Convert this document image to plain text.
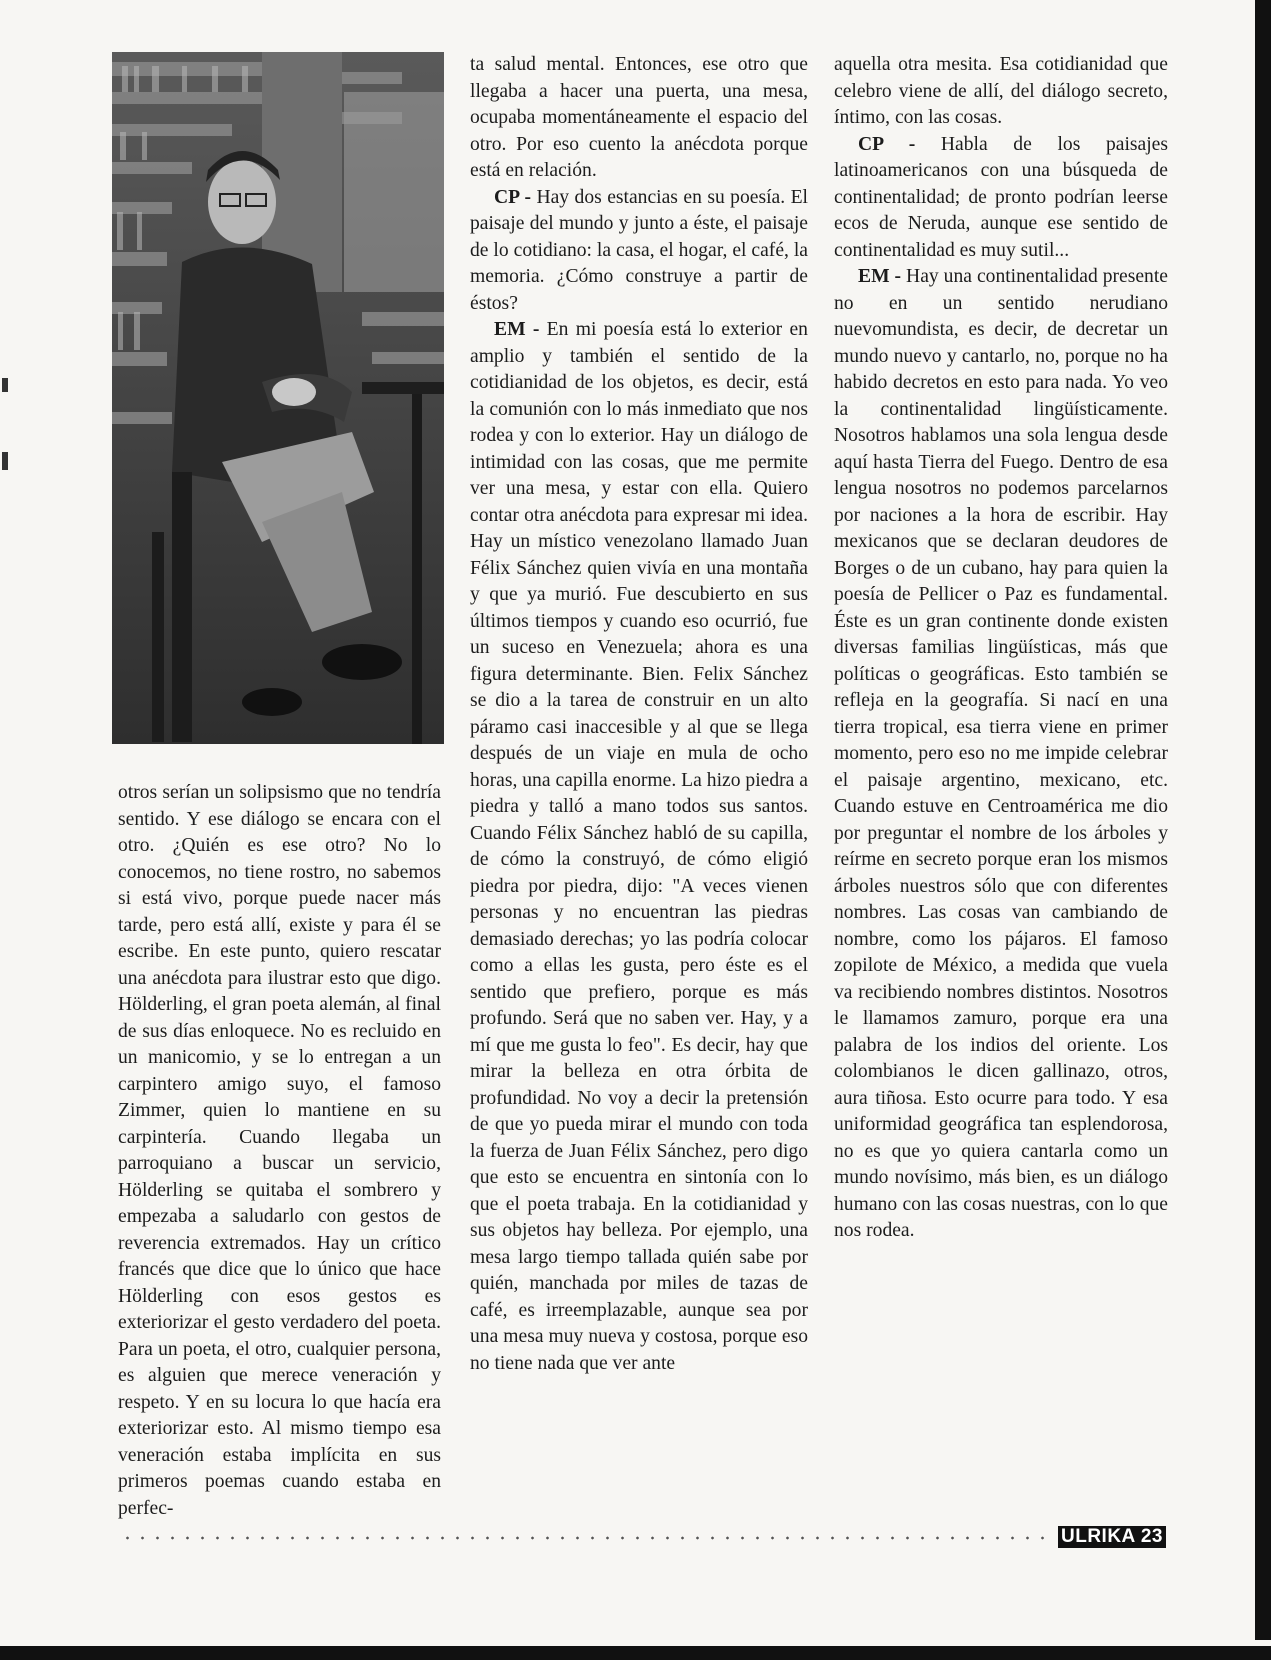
otros serían un solipsismo que no tendría sentido. Y ese diálogo se encara con el otro. ¿Quién es ese otro? No lo conocemos, no tiene rostro, no sabemos si está vivo, porque puede nacer más tarde, pero está allí, existe y para él se escribe. En este punto, quiero rescatar una anécdota para ilustrar esto que digo. Hölderling, el gran poeta alemán, al final de sus días enloquece. No es recluido en un manicomio, y se lo entregan a un carpintero amigo suyo, el famoso Zimmer, quien lo mantiene en su carpintería. Cuando llegaba un parroquiano a buscar un servicio, Hölderling se quitaba el sombrero y empezaba a saludarlo con gestos de reverencia extremados. Hay un crítico francés que dice que lo único que hace Hölderling con esos gestos es exteriorizar el gesto verdadero del poeta. Para un poeta, el otro, cualquier persona, es alguien que merece veneración y respeto. Y en su locura lo que hacía era exteriorizar esto. Al mismo tiempo esa veneración estaba implícita en sus primeros poemas cuando estaba en perfec-

ta salud mental. Entonces, ese otro que llegaba a hacer una puerta, una mesa, ocupaba momentáneamente el espacio del otro. Por eso cuento la anécdota porque está en relación.

CP - Hay dos estancias en su poesía. El paisaje del mundo y junto a éste, el paisaje de lo cotidiano: la casa, el hogar, el café, la memoria. ¿Cómo construye a partir de éstos?

EM - En mi poesía está lo exterior en amplio y también el sentido de la cotidianidad de los objetos, es decir, está la comunión con lo más inmediato que nos rodea y con lo exterior. Hay un diálogo de intimidad con las cosas, que me permite ver una mesa, y estar con ella. Quiero contar otra anécdota para expresar mi idea. Hay un místico venezolano llamado Juan Félix Sánchez quien vivía en una montaña y que ya murió. Fue descubierto en sus últimos tiempos y cuando eso ocurrió, fue un suceso en Venezuela; ahora es una figura determinante. Bien. Felix Sánchez se dio a la tarea de construir en un alto páramo casi inaccesible y al que se llega después de un viaje en mula de ocho horas, una capilla enorme. La hizo piedra a piedra y talló a mano todos sus santos. Cuando Félix Sánchez habló de su capilla, de cómo la construyó, de cómo eligió piedra por piedra, dijo: "A veces vienen personas y no encuentran las piedras demasiado derechas; yo las podría colocar como a ellas les gusta, pero éste es el sentido que prefiero, porque es más profundo. Será que no saben ver. Hay, y a mí que me gusta lo feo". Es decir, hay que mirar la belleza en otra órbita de profundidad. No voy a decir la pretensión de que yo pueda mirar el mundo con toda la fuerza de Juan Félix Sánchez, pero digo que esto se encuentra en sintonía con lo que el poeta trabaja. En la cotidianidad y sus objetos hay belleza. Por ejemplo, una mesa largo tiempo tallada quién sabe por quién, manchada por miles de tazas de café, es irreemplazable, aunque sea por una mesa muy nueva y costosa, porque eso no tiene nada que ver ante

aquella otra mesita. Esa cotidianidad que celebro viene de allí, del diálogo secreto, íntimo, con las cosas.

CP - Habla de los paisajes latinoamericanos con una búsqueda de continentalidad; de pronto podrían leerse ecos de Neruda, aunque ese sentido de continentalidad es muy sutil...

EM - Hay una continentalidad presente no en un sentido nerudiano nuevomundista, es decir, de decretar un mundo nuevo y cantarlo, no, porque no ha habido decretos en esto para nada. Yo veo la continentalidad lingüísticamente. Nosotros hablamos una sola lengua desde aquí hasta Tierra del Fuego. Dentro de esa lengua nosotros no podemos parcelarnos por naciones a la hora de escribir. Hay mexicanos que se declaran deudores de Borges o de un cubano, hay para quien la poesía de Pellicer o Paz es fundamental. Éste es un gran continente donde existen diversas familias lingüísticas, más que políticas o geográficas. Esto también se refleja en la geografía. Si nací en una tierra tropical, esa tierra viene en primer momento, pero eso no me impide celebrar el paisaje argentino, mexicano, etc. Cuando estuve en Centroamérica me dio por preguntar el nombre de los árboles y reírme en secreto porque eran los mismos árboles nuestros sólo que con diferentes nombres. Las cosas van cambiando de nombre, como los pájaros. El famoso zopilote de México, a medida que vuela va recibiendo nombres distintos. Nosotros le llamamos zamuro, porque era una palabra de los indios del oriente. Los colombianos le dicen gallinazo, otros, aura tiñosa. Esto ocurre para todo. Y esa uniformidad geográfica tan esplendorosa, no es que yo quiera cantarla como un mundo novísimo, más bien, es un diálogo humano con las cosas nuestras, con lo que nos rodea.

ULRIKA 23
